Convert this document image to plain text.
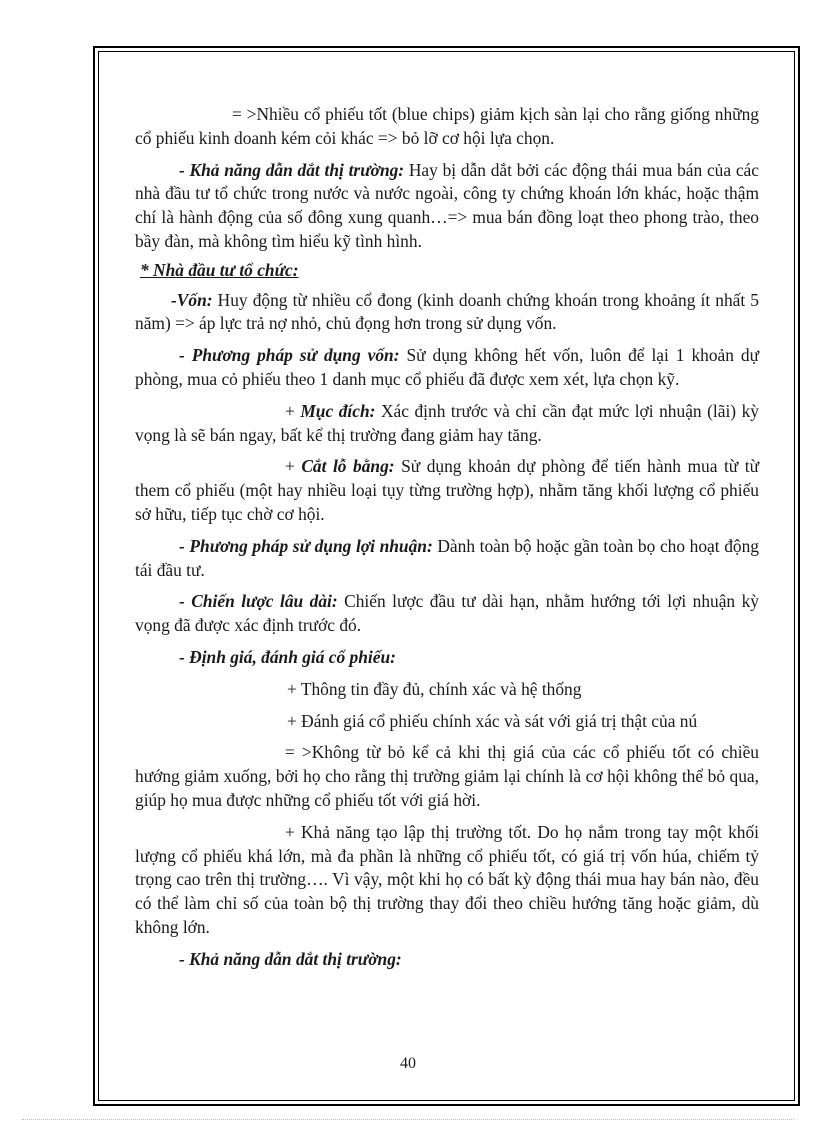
= >Nhiều cổ phiếu tốt (blue chips) giảm kịch sàn lại cho rằng giống những cổ phiếu kinh doanh kém cỏi khác => bỏ lỡ cơ hội lựa chọn.

- Khả năng dẫn dắt thị trường: Hay bị dẫn dắt bởi các động thái mua bán của các nhà đầu tư tổ chức trong nước và nước ngoài, công ty chứng khoán lớn khác, hoặc thậm chí là hành động của số đông xung quanh…=> mua bán đồng loạt theo phong trào, theo bầy đàn, mà không tìm hiểu kỹ tình hình.

* Nhà đầu tư tổ chức:

-Vốn: Huy động từ nhiều cổ đong (kinh doanh chứng khoán trong khoảng ít nhất 5 năm) => áp lực trả nợ nhỏ, chủ đọng hơn trong sử dụng vốn.

- Phương pháp sử dụng vốn: Sử dụng không hết vốn, luôn để lại 1 khoản dự phòng, mua cỏ phiếu theo 1 danh mục cổ phiếu đã được xem xét, lựa chọn kỹ.

+ Mục đích: Xác định trước và chỉ cần đạt mức lợi nhuận (lãi) kỳ vọng là sẽ bán ngay, bất kể thị trường đang giảm hay tăng.

+ Cắt lỗ bằng: Sử dụng khoản dự phòng để tiến hành mua từ từ them cổ phiếu (một hay nhiều loại tụy từng trường hợp), nhằm tăng khối lượng cổ phiếu sở hữu, tiếp tục chờ cơ hội.

- Phương pháp sử dụng lợi nhuận: Dành toàn bộ hoặc gần toàn bọ cho hoạt động tái đầu tư.

- Chiến lược lâu dài: Chiến lược đầu tư dài hạn, nhằm hướng tới lợi nhuận kỳ vọng đã được xác định trước đó.

- Định giá, đánh giá cổ phiếu:

+ Thông tin đầy đủ, chính xác và hệ thống

+ Đánh giá cổ phiếu chính xác và sát với giá trị thật của nú

= >Không từ bỏ kể cả khi thị giá của các cổ phiếu tốt có chiều hướng giảm xuống, bởi họ cho rằng thị trường giảm lại chính là cơ hội không thể bỏ qua, giúp họ mua được những cổ phiếu tốt với giá hời.

+ Khả năng tạo lập thị trường tốt. Do họ nắm trong tay một khối lượng cổ phiếu khá lớn, mà đa phần là những cổ phiếu tốt, có giá trị vốn húa, chiếm tỷ trọng cao trên thị trường…. Vì vậy, một khi họ có bất kỳ động thái mua hay bán nào, đều có thể làm chỉ số của toàn bộ thị trường thay đổi theo chiều hướng tăng hoặc giảm, dù không lớn.

- Khả năng dẫn dắt thị trường:

40
